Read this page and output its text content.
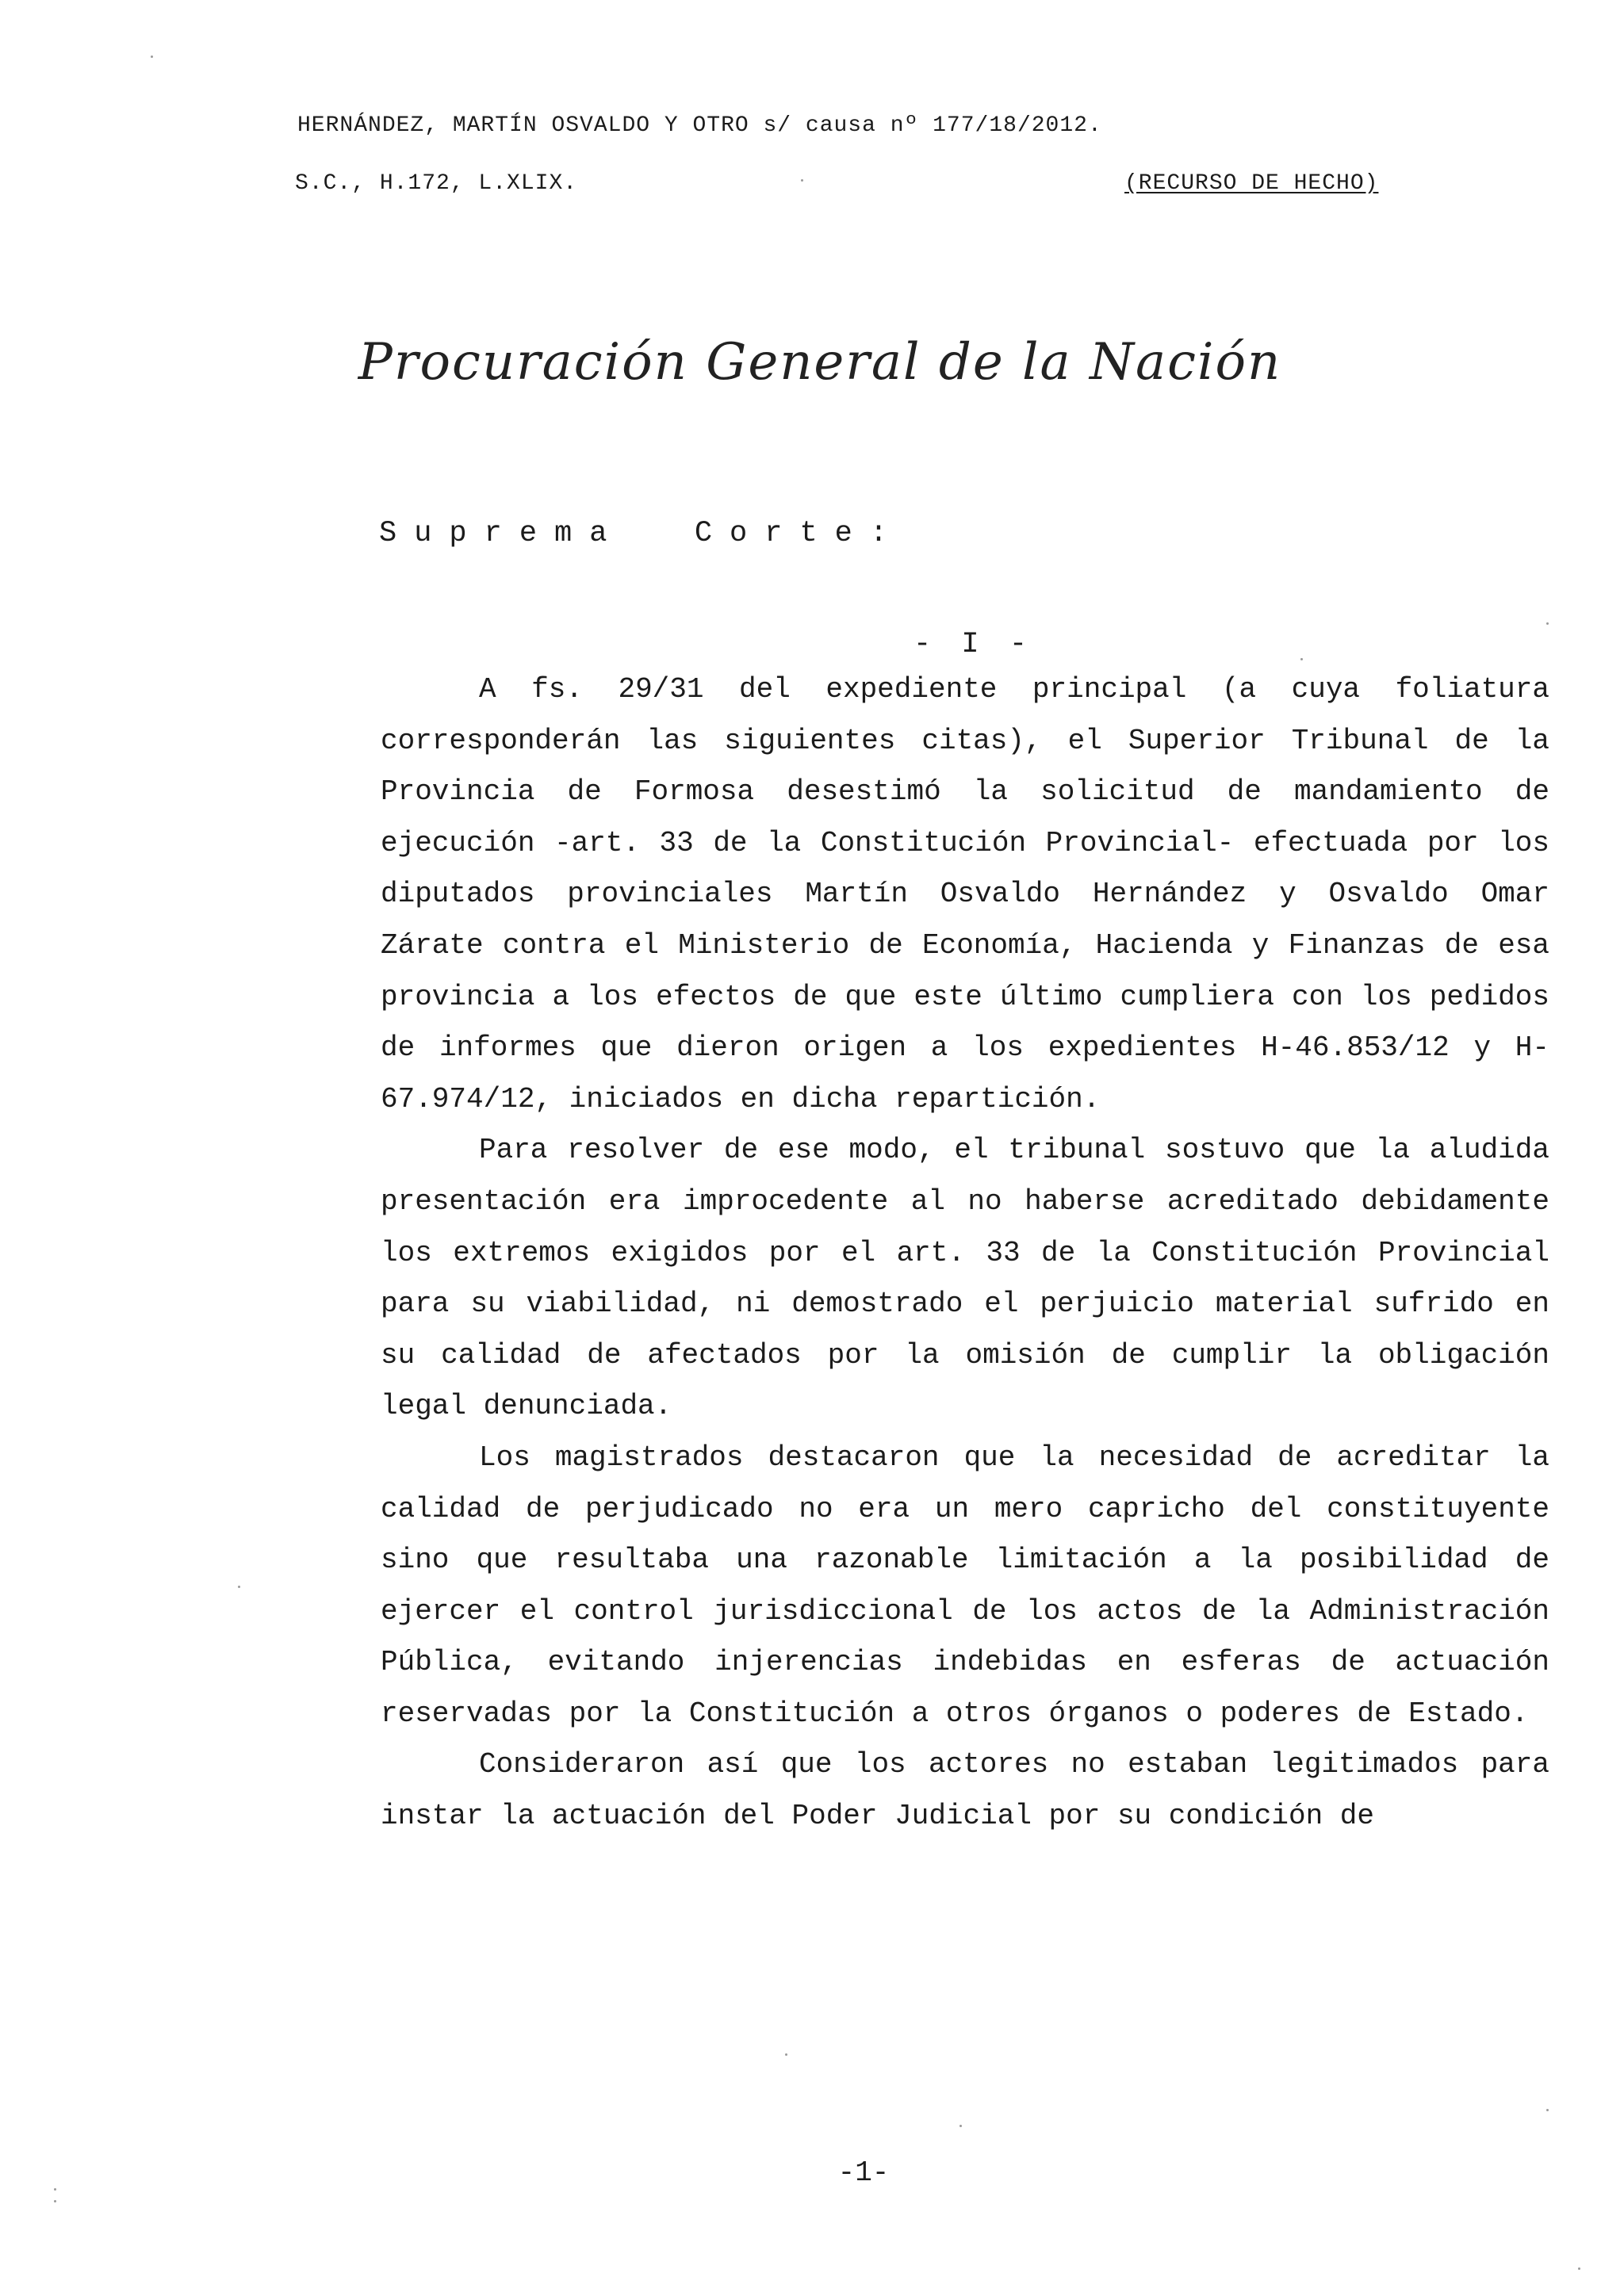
HERNÁNDEZ, MARTÍN OSVALDO Y OTRO s/ causa nº 177/18/2012.
S.C., H.172, L.XLIX.	(RECURSO DE HECHO)
Procuración General de la Nación
Suprema  Corte:
- I -

A fs. 29/31 del expediente principal (a cuya foliatura corresponderán las siguientes citas), el Superior Tribunal de la Provincia de Formosa desestimó la solicitud de mandamiento de ejecución -art. 33 de la Constitución Provincial- efectuada por los diputados provinciales Martín Osvaldo Hernández y Osvaldo Omar Zárate contra el Ministerio de Economía, Hacienda y Finanzas de esa provincia a los efectos de que este último cumpliera con los pedidos de informes que dieron origen a los expedientes H-46.853/12 y H-67.974/12, iniciados en dicha repartición.

Para resolver de ese modo, el tribunal sostuvo que la aludida presentación era improcedente al no haberse acreditado debidamente los extremos exigidos por el art. 33 de la Constitución Provincial para su viabilidad, ni demostrado el perjuicio material sufrido en su calidad de afectados por la omisión de cumplir la obligación legal denunciada.

Los magistrados destacaron que la necesidad de acreditar la calidad de perjudicado no era un mero capricho del constituyente sino que resultaba una razonable limitación a la posibilidad de ejercer el control jurisdiccional de los actos de la Administración Pública, evitando injerencias indebidas en esferas de actuación reservadas por la Constitución a otros órganos o poderes de Estado.

Consideraron así que los actores no estaban legitimados para instar la actuación del Poder Judicial por su condición de

-1-
